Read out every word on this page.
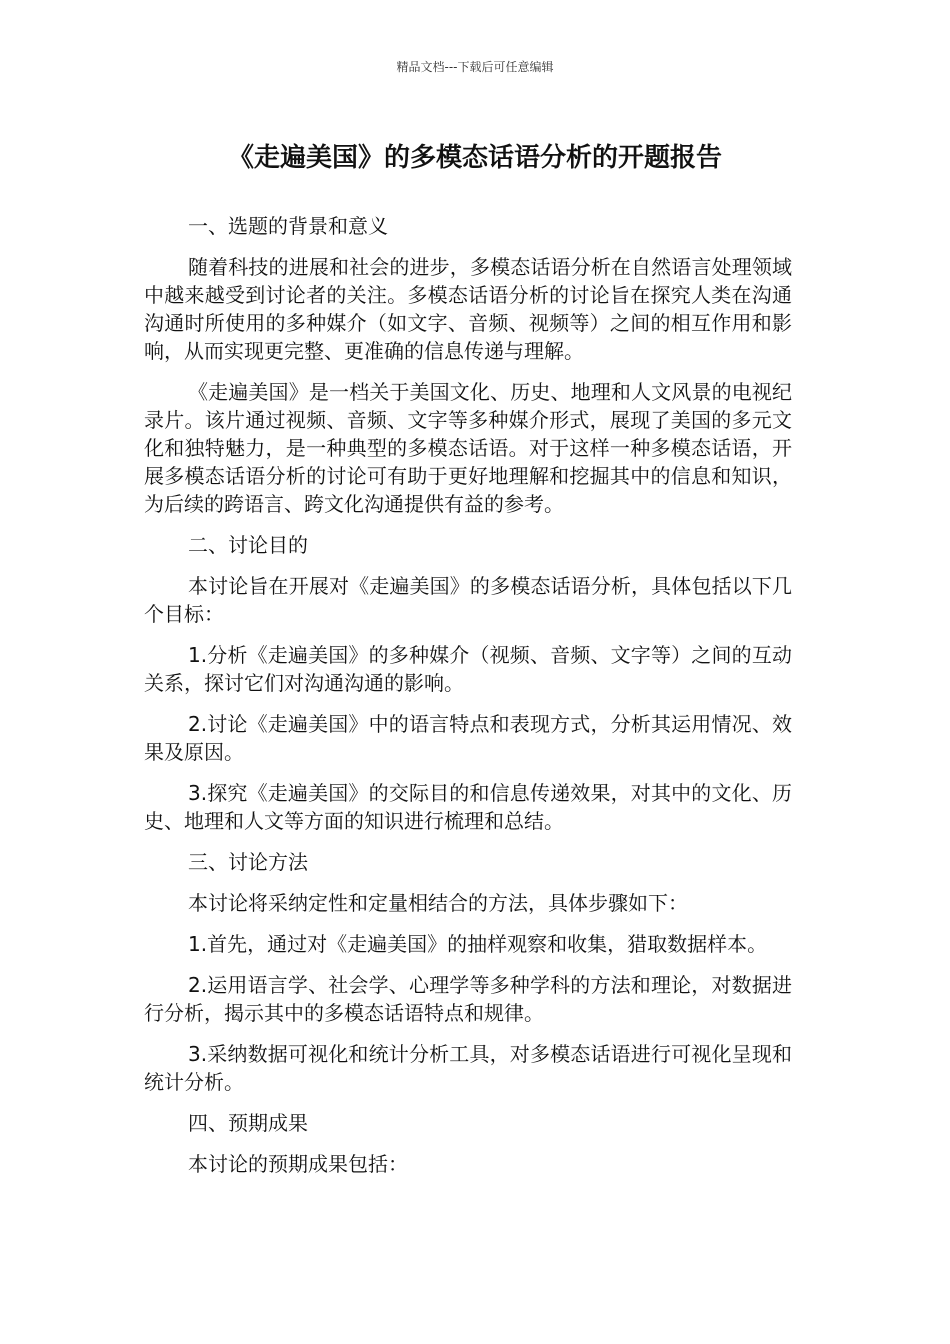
精品文档---下载后可任意编辑
《走遍美国》的多模态话语分析的开题报告

一、选题的背景和意义

随着科技的进展和社会的进步，多模态话语分析在自然语言处理领域中越来越受到讨论者的关注。多模态话语分析的讨论旨在探究人类在沟通沟通时所使用的多种媒介（如文字、音频、视频等）之间的相互作用和影响，从而实现更完整、更准确的信息传递与理解。

《走遍美国》是一档关于美国文化、历史、地理和人文风景的电视纪录片。该片通过视频、音频、文字等多种媒介形式，展现了美国的多元文化和独特魅力，是一种典型的多模态话语。对于这样一种多模态话语，开展多模态话语分析的讨论可有助于更好地理解和挖掘其中的信息和知识，为后续的跨语言、跨文化沟通提供有益的参考。

二、讨论目的

本讨论旨在开展对《走遍美国》的多模态话语分析，具体包括以下几个目标：

1.分析《走遍美国》的多种媒介（视频、音频、文字等）之间的互动关系，探讨它们对沟通沟通的影响。

2.讨论《走遍美国》中的语言特点和表现方式，分析其运用情况、效果及原因。

3.探究《走遍美国》的交际目的和信息传递效果，对其中的文化、历史、地理和人文等方面的知识进行梳理和总结。

三、讨论方法

本讨论将采纳定性和定量相结合的方法，具体步骤如下：

1.首先，通过对《走遍美国》的抽样观察和收集，猎取数据样本。

2.运用语言学、社会学、心理学等多种学科的方法和理论，对数据进行分析，揭示其中的多模态话语特点和规律。

3.采纳数据可视化和统计分析工具，对多模态话语进行可视化呈现和统计分析。

四、预期成果

本讨论的预期成果包括：
